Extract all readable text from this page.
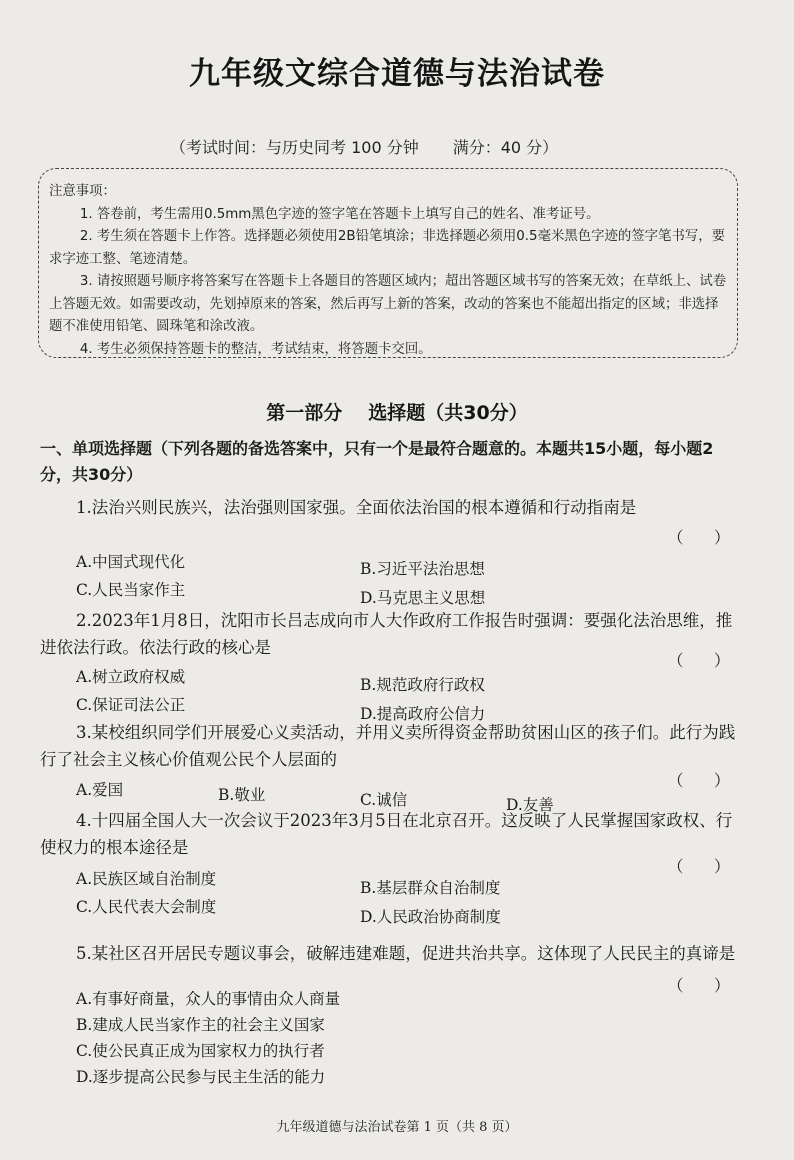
九年级文综合道德与法治试卷
（考试时间：与历史同考 100 分钟 满分：40 分）
注意事项：
1. 答卷前，考生需用0.5mm黑色字迹的签字笔在答题卡上填写自己的姓名、准考证号。
2. 考生须在答题卡上作答。选择题必须使用2B铅笔填涂；非选择题必须用0.5毫米黑色字迹的签字笔书写，要求字迹工整、笔迹清楚。
3. 请按照题号顺序将答案写在答题卡上各题目的答题区域内；超出答题区域书写的答案无效；在草纸上、试卷上答题无效。如需要改动，先划掉原来的答案，然后再写上新的答案，改动的答案也不能超出指定的区域；非选择题不准使用铅笔、圆珠笔和涂改液。
4. 考生必须保持答题卡的整洁，考试结束，将答题卡交回。
第一部分 选择题（共30分）
一、单项选择题（下列各题的备选答案中，只有一个是最符合题意的。本题共15小题，每小题2分，共30分）
1.法治兴则民族兴，法治强则国家强。全面依法治国的根本遵循和行动指南是
（      ）
A.中国式现代化	B.习近平法治思想
C.人民当家作主	D.马克思主义思想
2.2023年1月8日，沈阳市长吕志成向市人大作政府工作报告时强调：要强化法治思维，推进依法行政。依法行政的核心是
（      ）
A.树立政府权威	B.规范政府行政权
C.保证司法公正	D.提高政府公信力
3.某校组织同学们开展爱心义卖活动，并用义卖所得资金帮助贫困山区的孩子们。此行为践行了社会主义核心价值观公民个人层面的
（      ）
A.爱国	B.敬业	C.诚信	D.友善
4.十四届全国人大一次会议于2023年3月5日在北京召开。这反映了人民掌握国家政权、行使权力的根本途径是
（      ）
A.民族区域自治制度	B.基层群众自治制度
C.人民代表大会制度
D.人民政治协商制度
5.某社区召开居民专题议事会，破解违建难题，促进共治共享。这体现了人民民主的真谛是
（      ）
A.有事好商量，众人的事情由众人商量
B.建成人民当家作主的社会主义国家
C.使公民真正成为国家权力的执行者
D.逐步提高公民参与民主生活的能力
九年级道德与法治试卷第 1 页（共 8 页）
